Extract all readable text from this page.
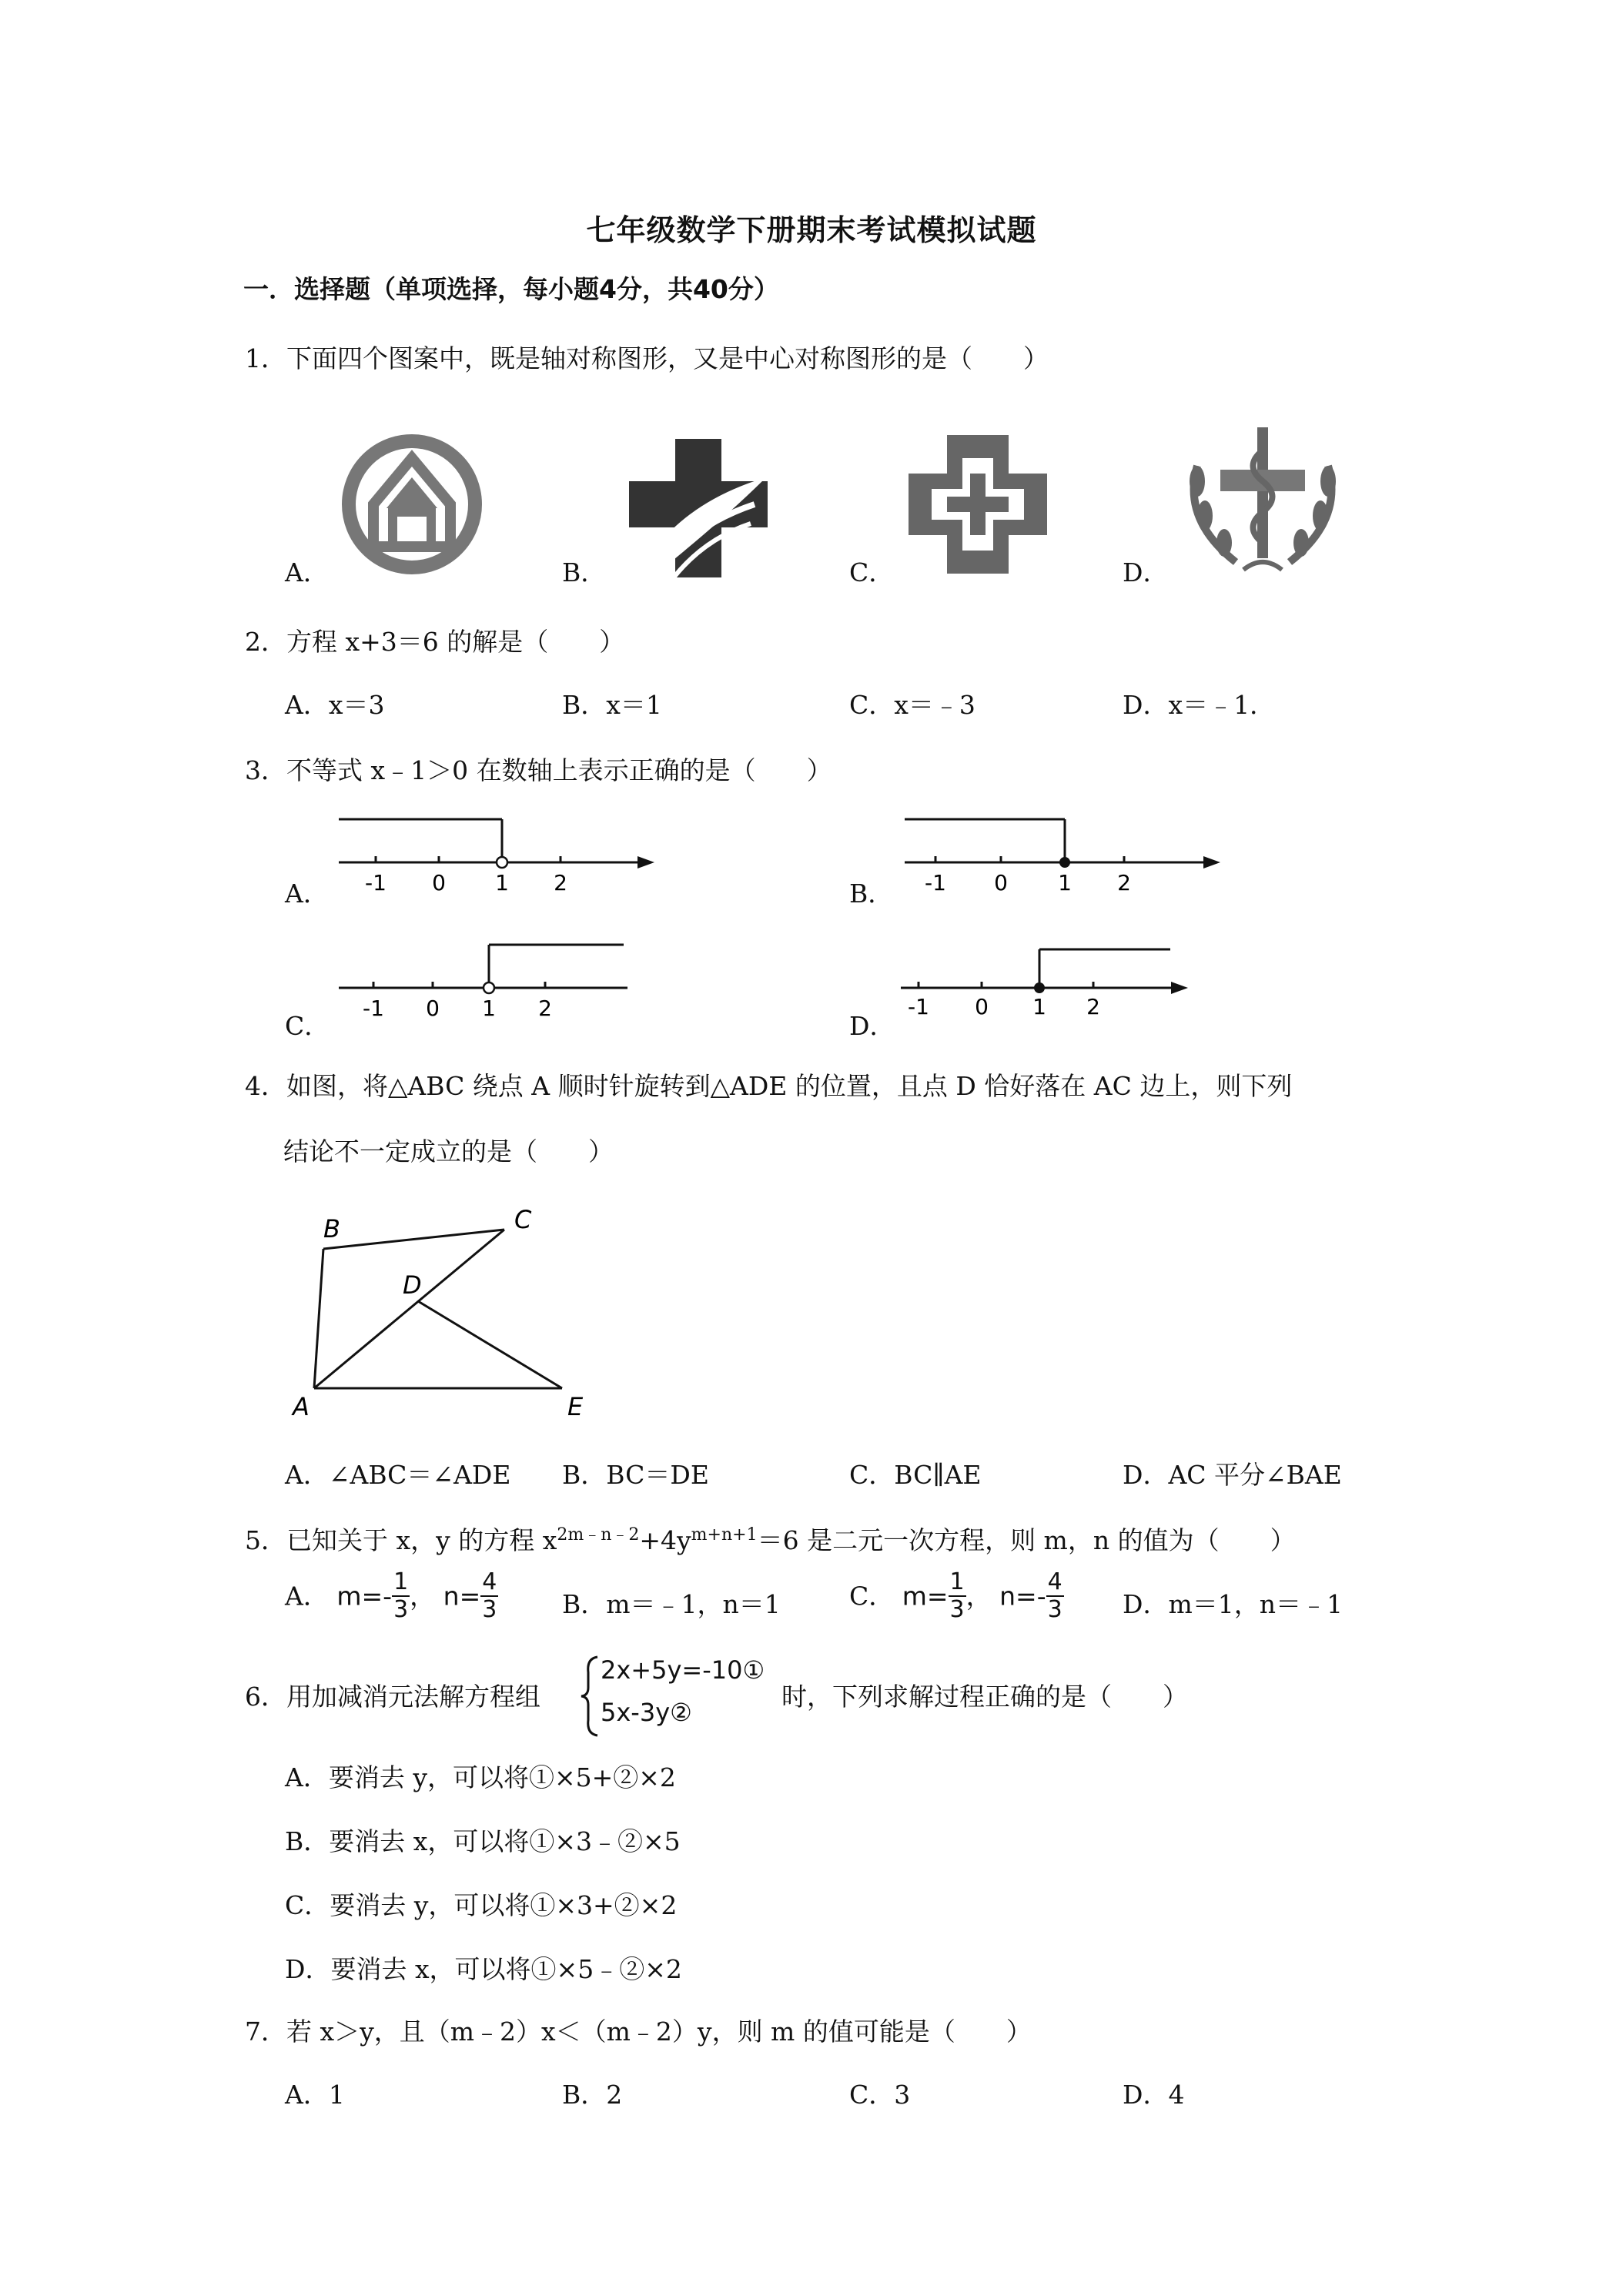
七年级数学下册期末考试模拟试题
一．选择题（单项选择，每小题4分，共40分）
1．下面四个图案中，既是轴对称图形，又是中心对称图形的是（　　）
A．	B．	C．	D．
2．方程 x+3＝6 的解是（　　）
A．x＝3	B．x＝1	C．x＝﹣3	D．x＝﹣1．
3．不等式 x﹣1＞0 在数轴上表示正确的是（　　）
A． -1 0 1 2	B． -1 0 1 2
C．
-1 0 1 2
D．
-1 0 1 2
4．如图，将△ABC 绕点 A 顺时针旋转到△ADE 的位置，且点 D 恰好落在 AC 边上，则下列
结论不一定成立的是（　　）
B	C
D
A	E
A．∠ABC＝∠ADE B．BC＝DE	C．BC∥AE	D．AC 平分∠BAE
5．已知关于 x，y 的方程 $x^{2m﹣n﹣2}+4y^{m+n+1}=6$ 是二元一次方程，则 m，n 的值为（　　）
A． $m=- \frac{1}{3}$ ， $n= \frac{4}{3}$	B．m＝﹣1，n＝1	C． $m= \frac{1}{3}$ ， $n=- \frac{4}{3}$ D．m＝1，n＝﹣1
6．用加减消元法解方程组
2x+5y=-10①
5x-3y②
时，下列求解过程正确的是（　　）
A．要消去 y，可以将①×5+②×2
B．要消去 x，可以将①×3﹣②×5
C．要消去 y，可以将①×3+②×2
D．要消去 x，可以将①×5﹣②×2
7．若 x＞y，且（m﹣2）x＜（m﹣2）y，则 m 的值可能是（　　）
A．1	B．2	C．3	D．4
